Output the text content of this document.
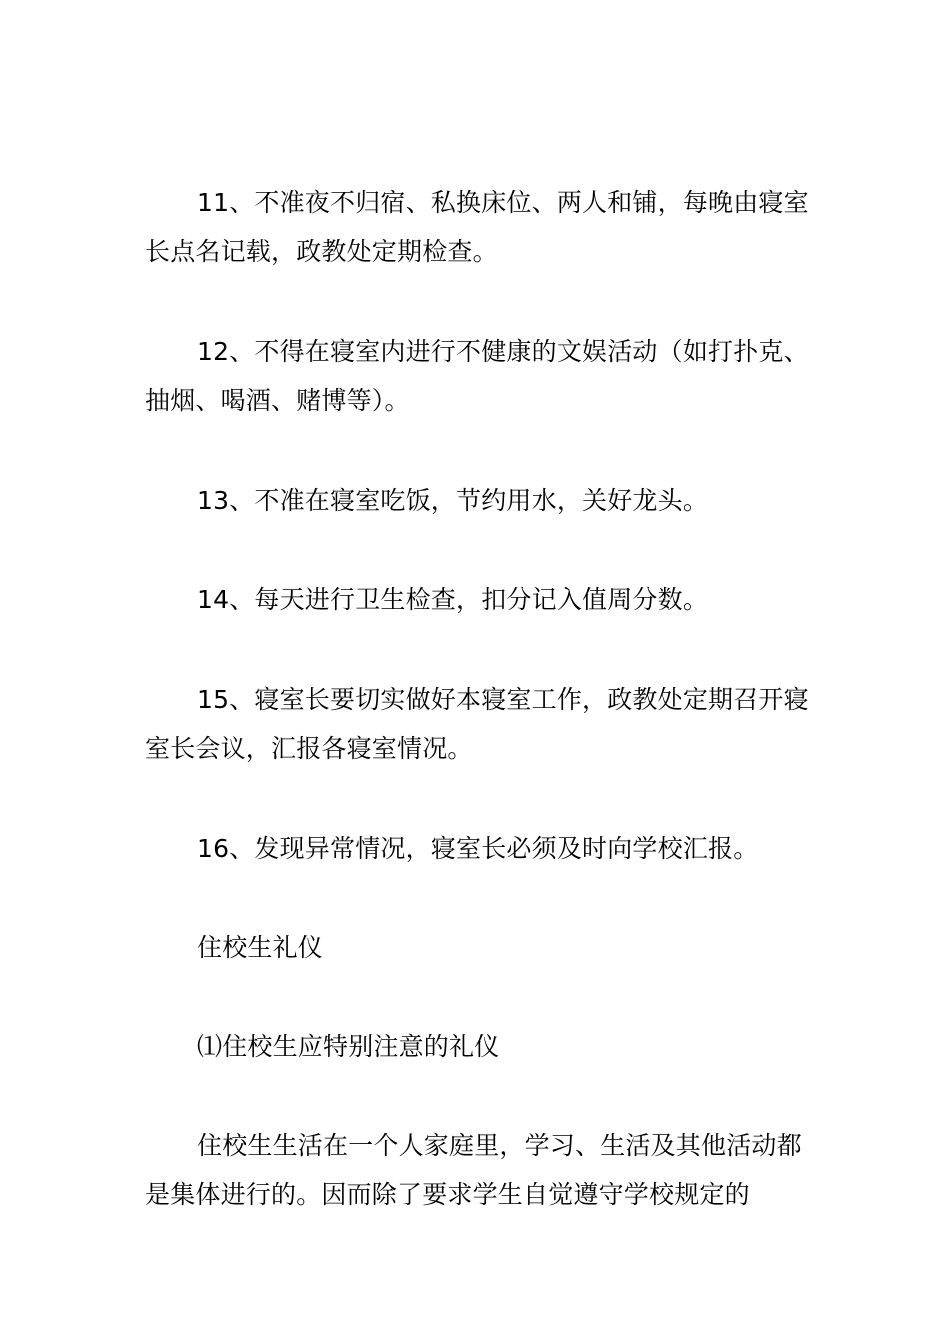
11、不准夜不归宿、私换床位、两人和铺，每晚由寝室长点名记载，政教处定期检查。

12、不得在寝室内进行不健康的文娱活动（如打扑克、抽烟、喝酒、赌博等）。

13、不准在寝室吃饭，节约用水，关好龙头。

14、每天进行卫生检查，扣分记入值周分数。

15、寝室长要切实做好本寝室工作，政教处定期召开寝室长会议，汇报各寝室情况。

16、发现异常情况，寝室长必须及时向学校汇报。

住校生礼仪

⑴住校生应特别注意的礼仪

住校生生活在一个人家庭里，学习、生活及其他活动都是集体进行的。因而除了要求学生自觉遵守学校规定的
